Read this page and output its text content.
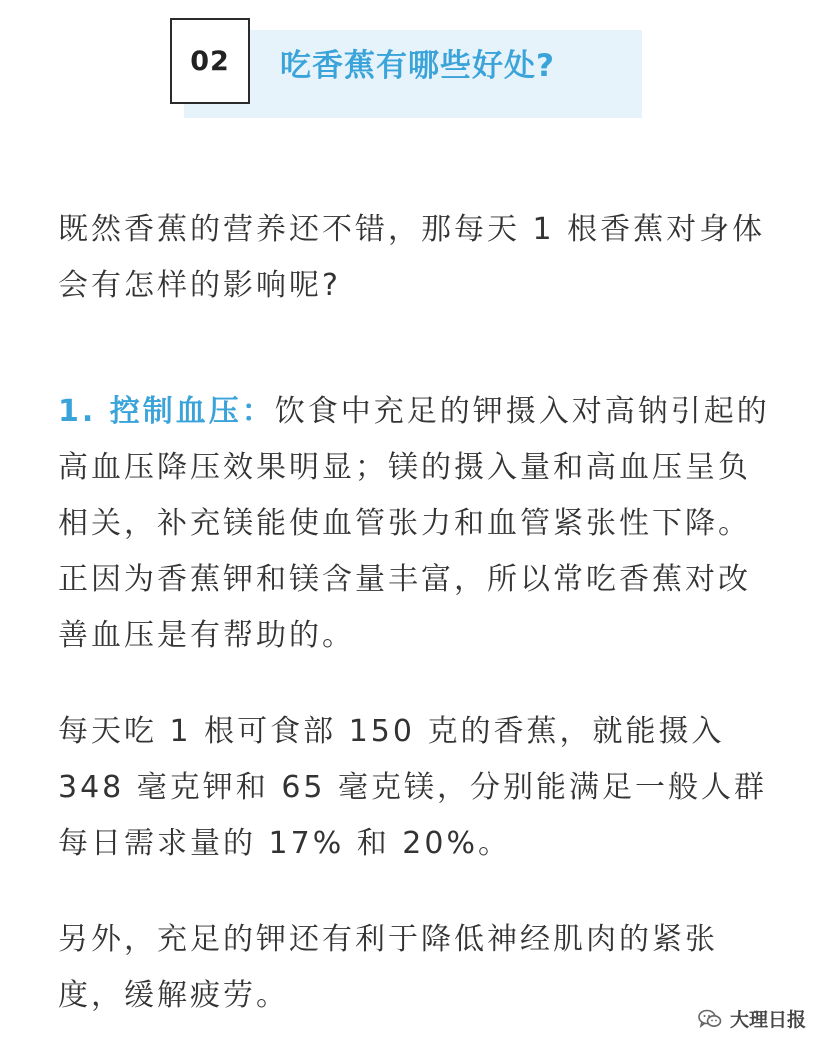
02	吃香蕉有哪些好处?

既然香蕉的营养还不错，那每天 1 根香蕉对身体会有怎样的影响呢?

1. 控制血压：饮食中充足的钾摄入对高钠引起的高血压降压效果明显；镁的摄入量和高血压呈负相关，补充镁能使血管张力和血管紧张性下降。正因为香蕉钾和镁含量丰富，所以常吃香蕉对改善血压是有帮助的。

每天吃 1 根可食部 150 克的香蕉，就能摄入 348 毫克钾和 65 毫克镁，分别能满足一般人群每日需求量的 17% 和 20%。

另外，充足的钾还有利于降低神经肌肉的紧张度，缓解疲劳。

大理日报
